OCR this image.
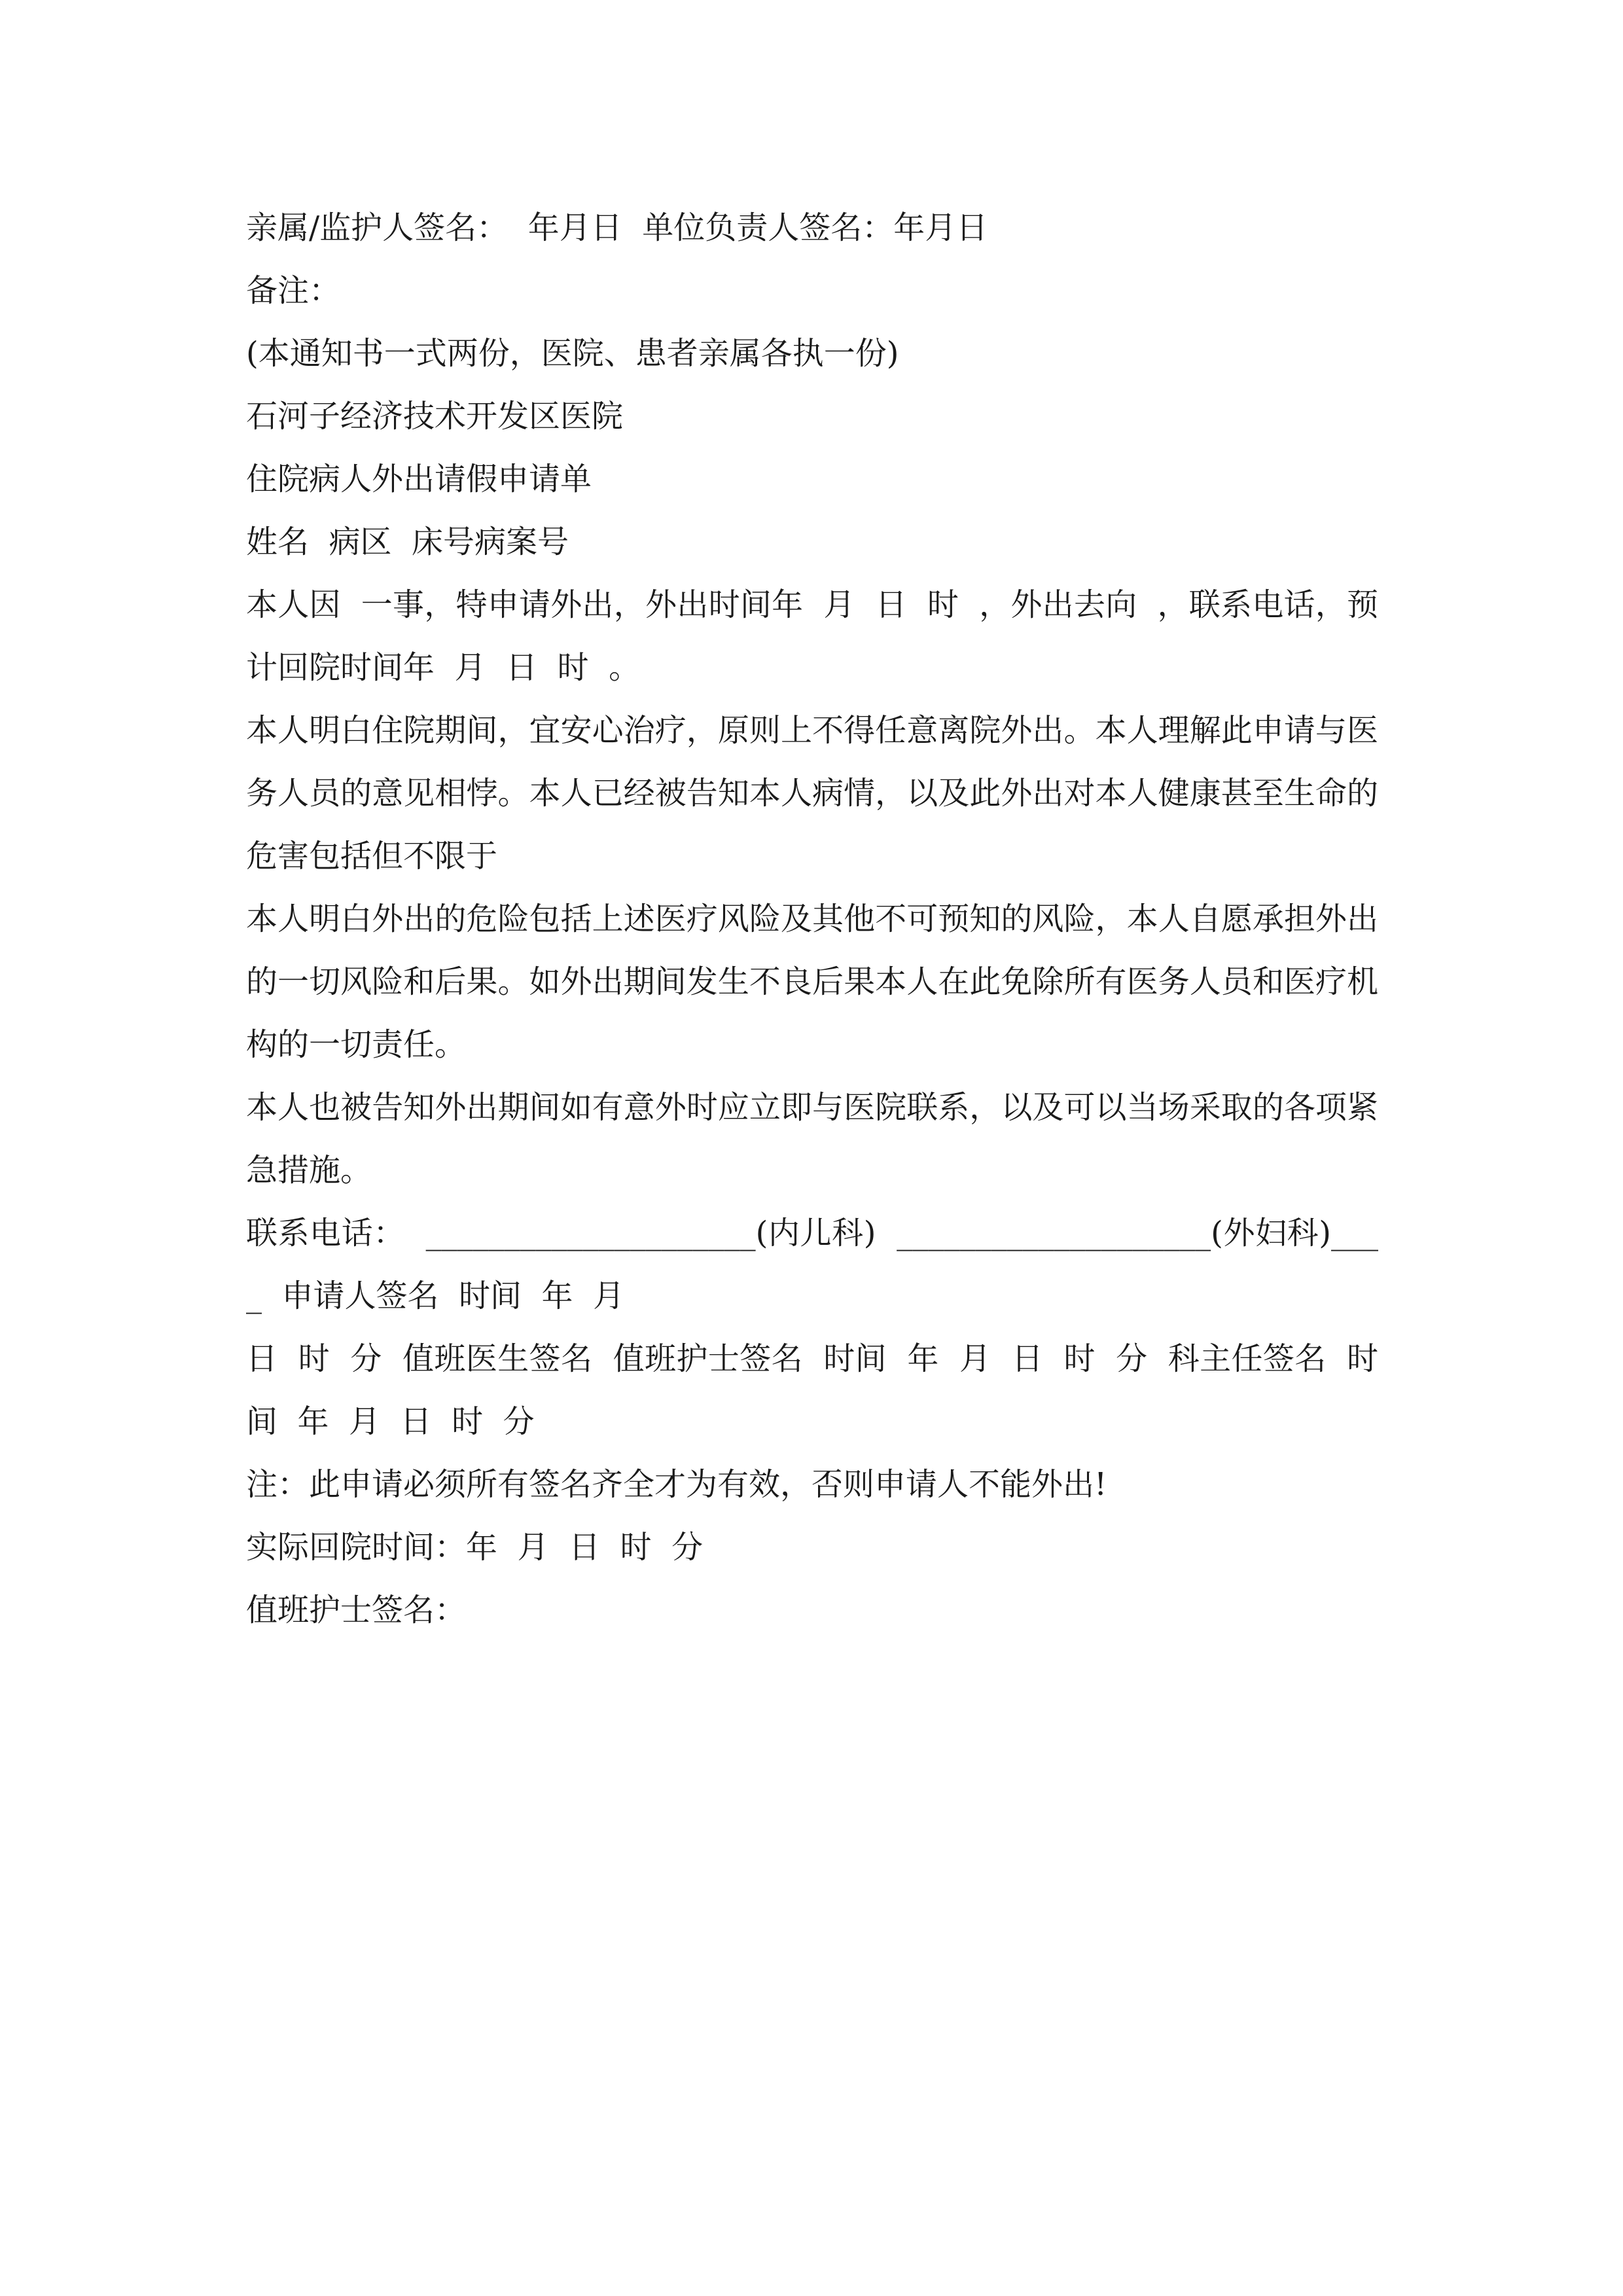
亲属/监护人签名：  年月日  单位负责人签名：年月日

备注：

(本通知书一式两份，医院、患者亲属各执一份)

石河子经济技术开发区医院

住院病人外出请假申请单

姓名  病区  床号病案号

本人因  一事，特申请外出，外出时间年  月  日  时  ，外出去向  ，联系电话，预计回院时间年  月  日  时  。

本人明白住院期间，宜安心治疗，原则上不得任意离院外出。本人理解此申请与医务人员的意见相悖。本人已经被告知本人病情，以及此外出对本人健康甚至生命的危害包括但不限于

本人明白外出的危险包括上述医疗风险及其他不可预知的风险，本人自愿承担外出的一切风险和后果。如外出期间发生不良后果本人在此免除所有医务人员和医疗机构的一切责任。

本人也被告知外出期间如有意外时应立即与医院联系，以及可以当场采取的各项紧急措施。

联系电话：  _____________________(内儿科)  ____________________(外妇科)____  申请人签名  时间  年  月

日  时  分  值班医生签名  值班护士签名  时间  年  月  日  时  分  科主任签名  时间  年  月  日  时  分

注：此申请必须所有签名齐全才为有效，否则申请人不能外出!

实际回院时间：年  月  日  时  分

值班护士签名：
